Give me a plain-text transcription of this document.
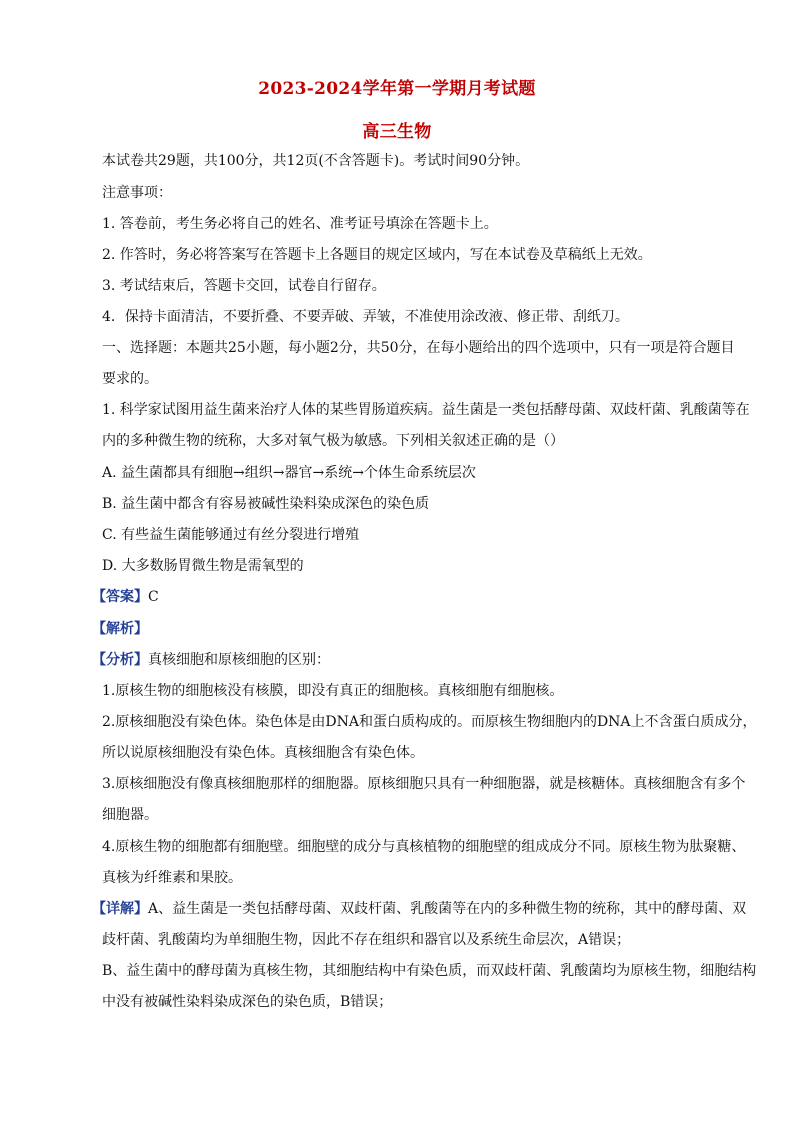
2023-2024学年第一学期月考试题
高三生物
本试卷共29题，共100分，共12页(不含答题卡)。考试时间90分钟。
注意事项：
1. 答卷前，考生务必将自己的姓名、准考证号填涂在答题卡上。
2. 作答时，务必将答案写在答题卡上各题目的规定区域内，写在本试卷及草稿纸上无效。
3. 考试结束后，答题卡交回，试卷自行留存。
4．保持卡面清洁，不要折叠、不要弄破、弄皱，不准使用涂改液、修正带、刮纸刀。
一、选择题：本题共25小题，每小题2分，共50分，在每小题给出的四个选项中，只有一项是符合题目
要求的。
1. 科学家试图用益生菌来治疗人体的某些胃肠道疾病。益生菌是一类包括酵母菌、双歧杆菌、乳酸菌等在
内的多种微生物的统称，大多对氧气极为敏感。下列相关叙述正确的是（）
A. 益生菌都具有细胞→组织→器官→系统→个体生命系统层次
B. 益生菌中都含有容易被碱性染料染成深色的染色质
C. 有些益生菌能够通过有丝分裂进行增殖
D. 大多数肠胃微生物是需氧型的
【答案】C
【解析】
【分析】真核细胞和原核细胞的区别：
1.原核生物的细胞核没有核膜，即没有真正的细胞核。真核细胞有细胞核。
2.原核细胞没有染色体。染色体是由DNA和蛋白质构成的。而原核生物细胞内的DNA上不含蛋白质成分，
所以说原核细胞没有染色体。真核细胞含有染色体。
3.原核细胞没有像真核细胞那样的细胞器。原核细胞只具有一种细胞器，就是核糖体。真核细胞含有多个
细胞器。
4.原核生物的细胞都有细胞壁。细胞壁的成分与真核植物的细胞壁的组成成分不同。原核生物为肽聚糖、
真核为纤维素和果胶。
【详解】A、益生菌是一类包括酵母菌、双歧杆菌、乳酸菌等在内的多种微生物的统称，其中的酵母菌、双
歧杆菌、乳酸菌均为单细胞生物，因此不存在组织和器官以及系统生命层次，A错误；
B、益生菌中的酵母菌为真核生物，其细胞结构中有染色质，而双歧杆菌、乳酸菌均为原核生物，细胞结构
中没有被碱性染料染成深色的染色质，B错误；
